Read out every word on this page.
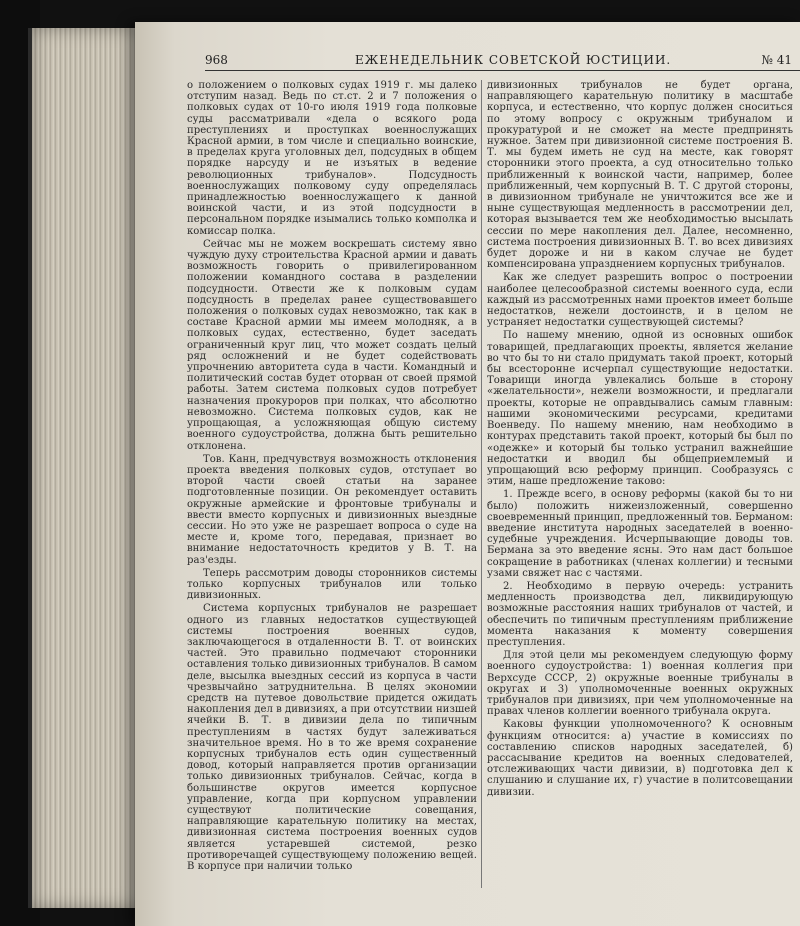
968	ЕЖЕНЕДЕЛЬНИК СОВЕТСКОЙ ЮСТИЦИИ.	№ 41

о положением о полковых судах 1919 г. мы далеко отступим назад. Ведь по ст.ст. 2 и 7 положения о полковых судах от 10-го июля 1919 года полковые суды рассматривали «дела о всякого рода преступлениях и проступках военнослужащих Красной армии, в том числе и специально воинские, в пределах круга уголовных дел, подсудных в общем порядке нарсуду и не изъятых в ведение революционных трибуналов». Подсудность военнослужащих полковому суду определялась принадлежностью военнослужащего к данной воинской части, и из этой подсудности в персональном порядке изымались только комполка и комиссар полка.

Сейчас мы не можем воскрешать систему явно чуждую духу строительства Красной армии и давать возможность говорить о привилегированном положении командного состава в разделении подсудности. Отвести же к полковым судам подсудность в пределах ранее существовавшего положения о полковых судах невозможно, так как в составе Красной армии мы имеем молодняк, а в полковых судах, естественно, будет заседать ограниченный круг лиц, что может создать целый ряд осложнений и не будет содействовать упрочнению авторитета суда в части. Командный и политический состав будет оторван от своей прямой работы. Затем система полковых судов потребует назначения прокуроров при полках, что абсолютно невозможно. Система полковых судов, как не упрощающая, а усложняющая общую систему военного судоустройства, должна быть решительно отклонена.

Тов. Канн, предчувствуя возможность отклонения проекта введения полковых судов, отступает во второй части своей статьи на заранее подготовленные позиции. Он рекомендует оставить окружные армейские и фронтовые трибуналы и ввести вместо корпусных и дивизионных выездные сессии. Но это уже не разрешает вопроса о суде на месте и, кроме того, передавая, признает во внимание недостаточность кредитов у В. Т. на раз'езды.

Теперь рассмотрим доводы сторонников системы только корпусных трибуналов или только дивизионных.

Система корпусных трибуналов не разрешает одного из главных недостатков существующей системы построения военных судов, заключающегося в отдаленности В. Т. от воинских частей. Это правильно подмечают сторонники оставления только дивизионных трибуналов. В самом деле, высылка выездных сессий из корпуса в части чрезвычайно затруднительна. В целях экономии средств на путевое довольствие придется ожидать накопления дел в дивизиях, а при отсутствии низшей ячейки В. Т. в дивизии дела по типичным преступлениям в частях будут залеживаться значительное время. Но в то же время сохранение корпусных трибуналов есть один существенный довод, который направляется против организации только дивизионных трибуналов. Сейчас, когда в большинстве округов имеется корпусное управление, когда при корпусном управлении существуют политические совещания, направляющие карательную политику на местах, дивизионная система построения военных судов является устаревшей системой, резко противоречащей существующему положению вещей. В корпусе при наличии только

дивизионных трибуналов не будет органа, направляющего карательную политику в масштабе корпуса, и естественно, что корпус должен сноситься по этому вопросу с окружным трибуналом и прокуратурой и не сможет на месте предпринять нужное. Затем при дивизионной системе построения В. Т. мы будем иметь не суд на месте, как говорят сторонники этого проекта, а суд относительно только приближенный к воинской части, например, более приближенный, чем корпусный В. Т. С другой стороны, в дивизионном трибунале не уничтожится все же и ныне существующая медленность в рассмотрении дел, которая вызывается тем же необходимостью высылать сессии по мере накопления дел. Далее, несомненно, система построения дивизионных В. Т. во всех дивизиях будет дороже и ни в каком случае не будет компенсирована упразднением корпусных трибуналов.

Как же следует разрешить вопрос о построении наиболее целесообразной системы военного суда, если каждый из рассмотренных нами проектов имеет больше недостатков, нежели достоинств, и в целом не устраняет недостатки существующей системы?

По нашему мнению, одной из основных ошибок товарищей, предлагающих проекты, является желание во что бы то ни стало придумать такой проект, который бы всесторонне исчерпал существующие недостатки. Товарищи иногда увлекались больше в сторону «желательности», нежели возможности, и предлагали проекты, которые не оправдывались самым главным: нашими экономическими ресурсами, кредитами Военведу. По нашему мнению, нам необходимо в контурах представить такой проект, который бы был по «одежке» и который бы только устранил важнейшие недостатки и вводил бы общеприемлемый и упрощающий всю реформу принцип. Сообразуясь с этим, наше предложение таково:

1. Прежде всего, в основу реформы (какой бы то ни было) положить нижеизложенный, совершенно своевременный принцип, предложенный тов. Берманом: введение института народных заседателей в военно-судебные учреждения. Исчерпывающие доводы тов. Бермана за это введение ясны. Это нам даст большое сокращение в работниках (членах коллегии) и тесными узами свяжет нас с частями.

2. Необходимо в первую очередь: устранить медленность производства дел, ликвидирующую возможные расстояния наших трибуналов от частей, и обеспечить по типичным преступлениям приближение момента наказания к моменту совершения преступления.

Для этой цели мы рекомендуем следующую форму военного судоустройства: 1) военная коллегия при Верхсуде СССР, 2) окружные военные трибуналы в округах и 3) уполномоченные военных окружных трибуналов при дивизиях, при чем уполномоченные на правах членов коллегии военного трибунала округа.

Каковы функции уполномоченного? К основным функциям относится: а) участие в комиссиях по составлению списков народных заседателей, б) рассасывание кредитов на военных следователей, отслеживающих части дивизии, в) подготовка дел к слушанию и слушание их, г) участие в политсовещании дивизии.
